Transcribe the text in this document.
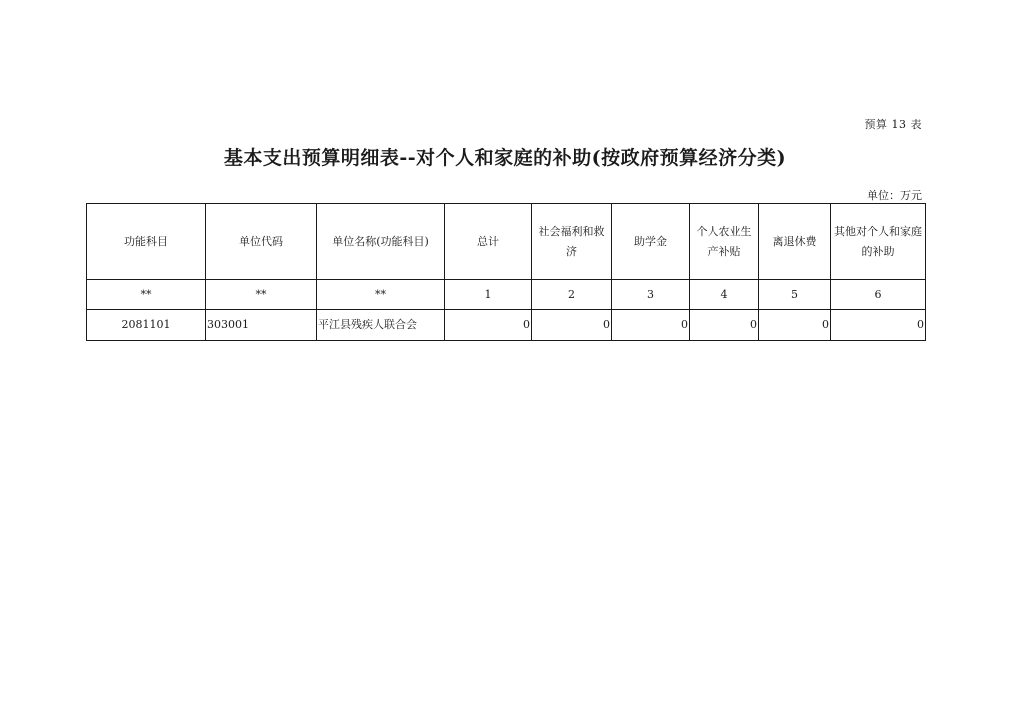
预算 13 表
基本支出预算明细表--对个人和家庭的补助(按政府预算经济分类)
单位：万元
功能科目	单位代码	单位名称(功能科目)	总计	社会福利和救济	助学金	个人农业生产补贴	离退休费	其他对个人和家庭的补助
**	**	**	1	2	3	4	5	6
2081101	303001	平江县残疾人联合会	0	0	0	0	0	0
